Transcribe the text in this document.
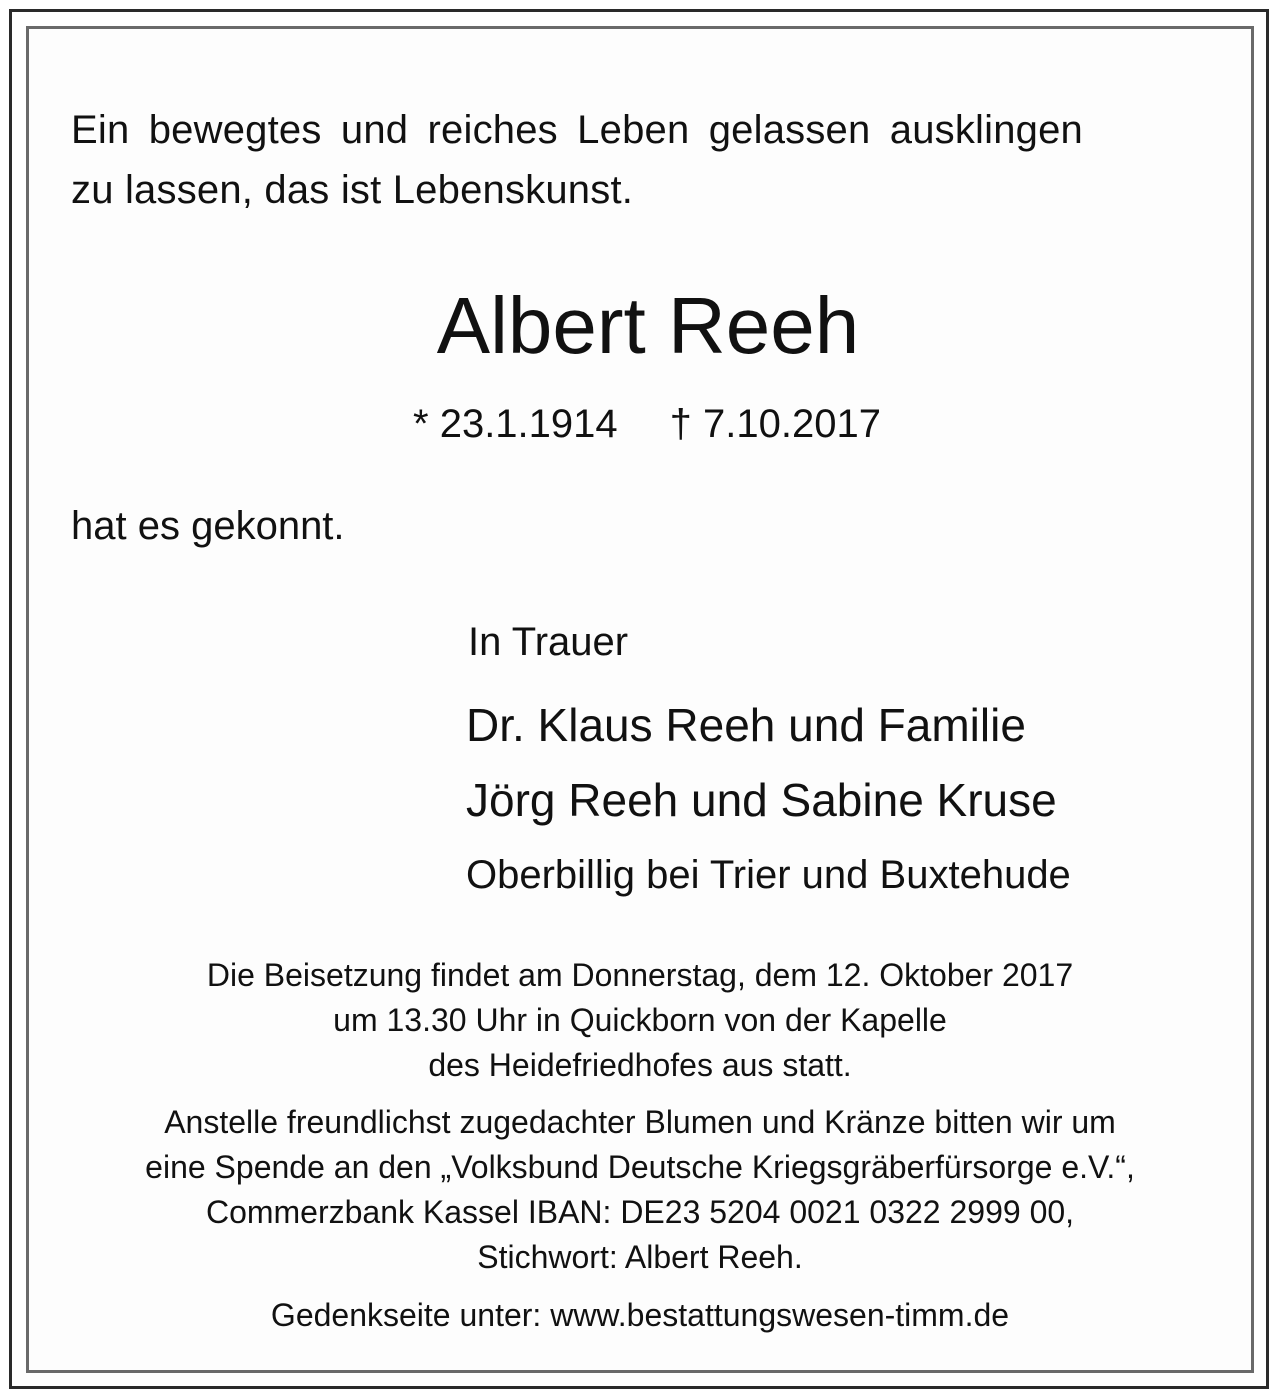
Ein bewegtes und reiches Leben gelassen ausklingen

zu lassen, das ist Lebenskunst.

Albert Reeh

* 23.1.1914 † 7.10.2017

hat es gekonnt.

In Trauer

Dr. Klaus Reeh und Familie

Jörg Reeh und Sabine Kruse

Oberbillig bei Trier und Buxtehude

Die Beisetzung findet am Donnerstag, dem 12. Oktober 2017

um 13.30 Uhr in Quickborn von der Kapelle

des Heidefriedhofes aus statt.

Anstelle freundlichst zugedachter Blumen und Kränze bitten wir um

eine Spende an den „Volksbund Deutsche Kriegsgräberfürsorge e.V.“,

Commerzbank Kassel IBAN: DE23 5204 0021 0322 2999 00,

Stichwort: Albert Reeh.

Gedenkseite unter: www.bestattungswesen-timm.de
